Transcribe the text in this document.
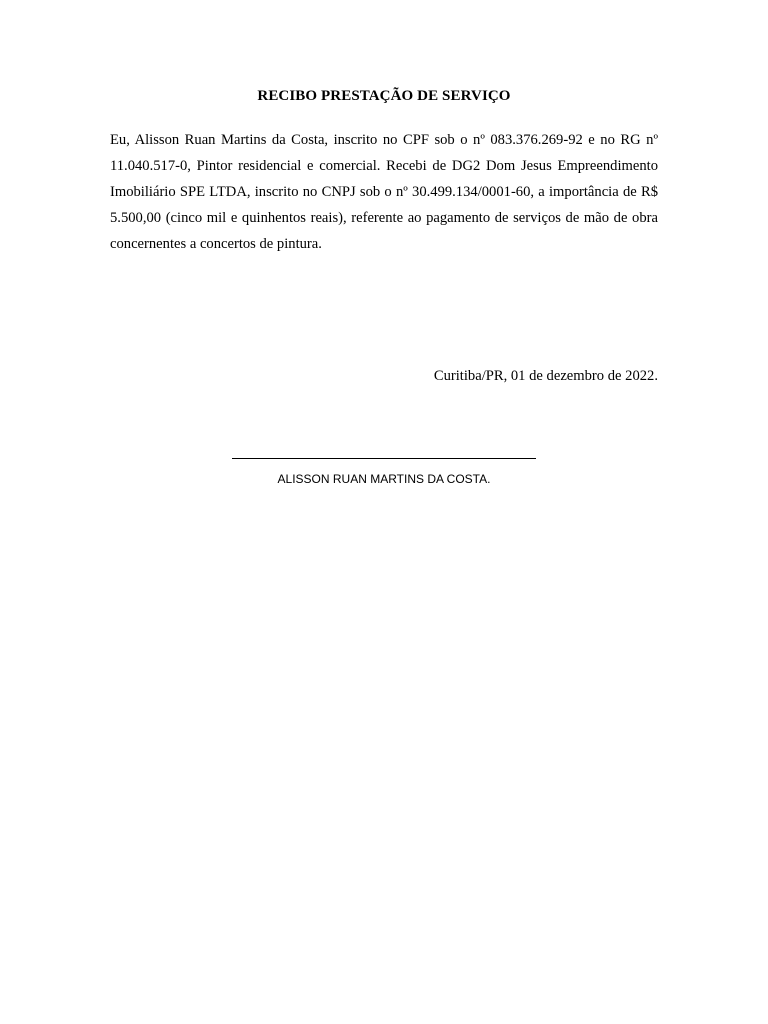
RECIBO PRESTAÇÃO DE SERVIÇO

Eu, Alisson Ruan Martins da Costa, inscrito no CPF sob o nº 083.376.269-92 e no RG nº 11.040.517-0, Pintor residencial e comercial. Recebi de DG2 Dom Jesus Empreendimento Imobiliário SPE LTDA, inscrito no CNPJ sob o nº 30.499.134/0001-60, a importância de R$ 5.500,00 (cinco mil e quinhentos reais), referente ao pagamento de serviços de mão de obra concernentes a concertos de pintura.

Curitiba/PR, 01 de dezembro de 2022.
ALISSON RUAN MARTINS DA COSTA.
